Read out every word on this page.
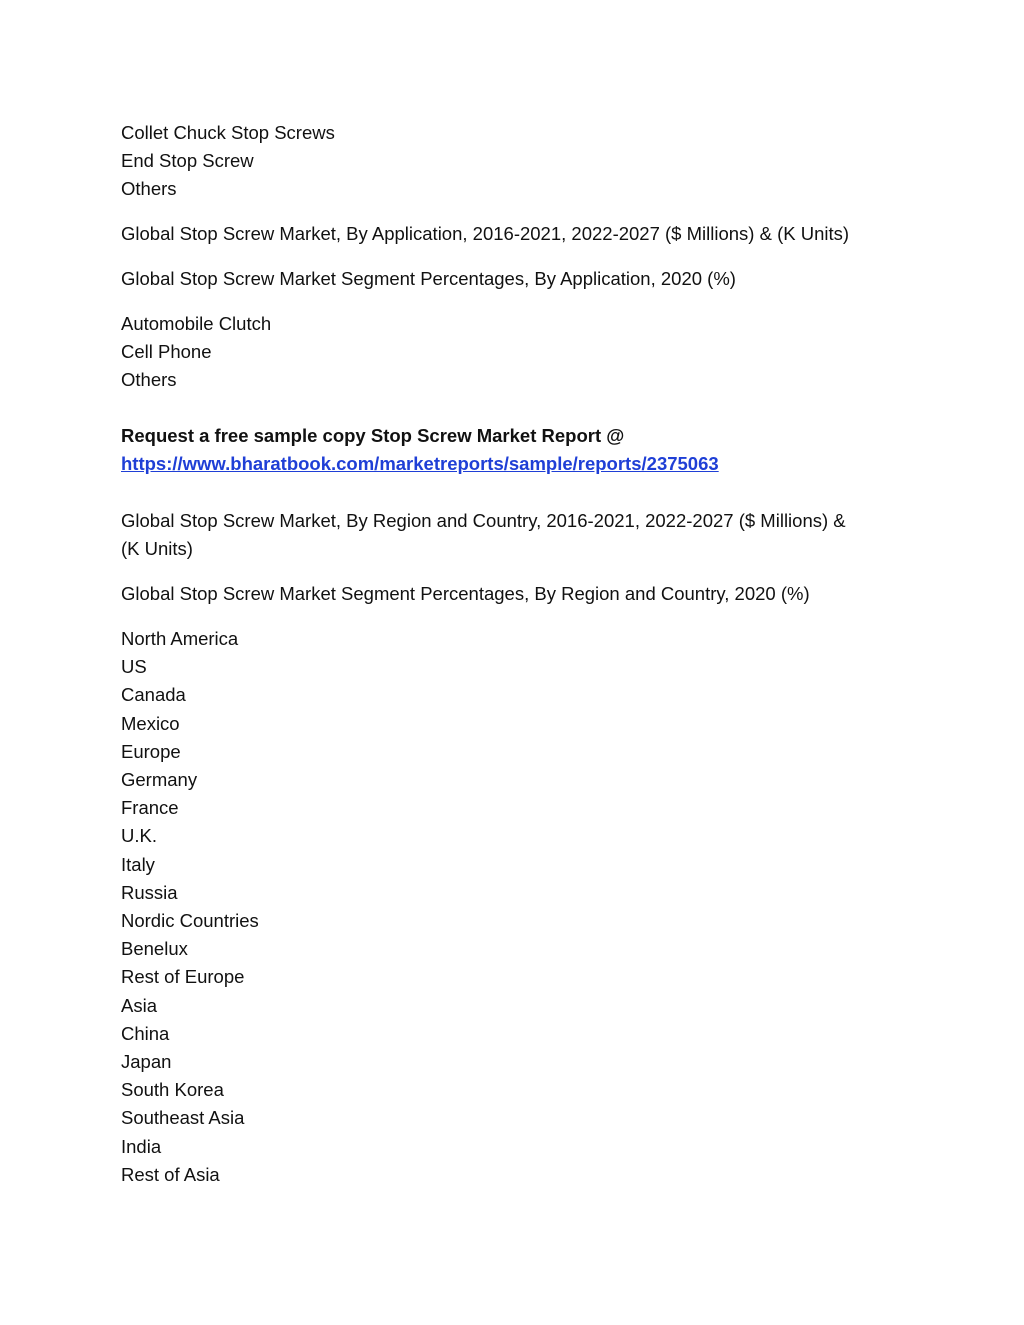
Collet Chuck Stop Screws
End Stop Screw
Others
Global Stop Screw Market, By Application, 2016-2021, 2022-2027 ($ Millions) & (K Units)
Global Stop Screw Market Segment Percentages, By Application, 2020 (%)
Automobile Clutch
Cell Phone
Others
Request a free sample copy Stop Screw Market Report @
https://www.bharatbook.com/marketreports/sample/reports/2375063
Global Stop Screw Market, By Region and Country, 2016-2021, 2022-2027 ($ Millions) & (K Units)
Global Stop Screw Market Segment Percentages, By Region and Country, 2020 (%)
North America
US
Canada
Mexico
Europe
Germany
France
U.K.
Italy
Russia
Nordic Countries
Benelux
Rest of Europe
Asia
China
Japan
South Korea
Southeast Asia
India
Rest of Asia
